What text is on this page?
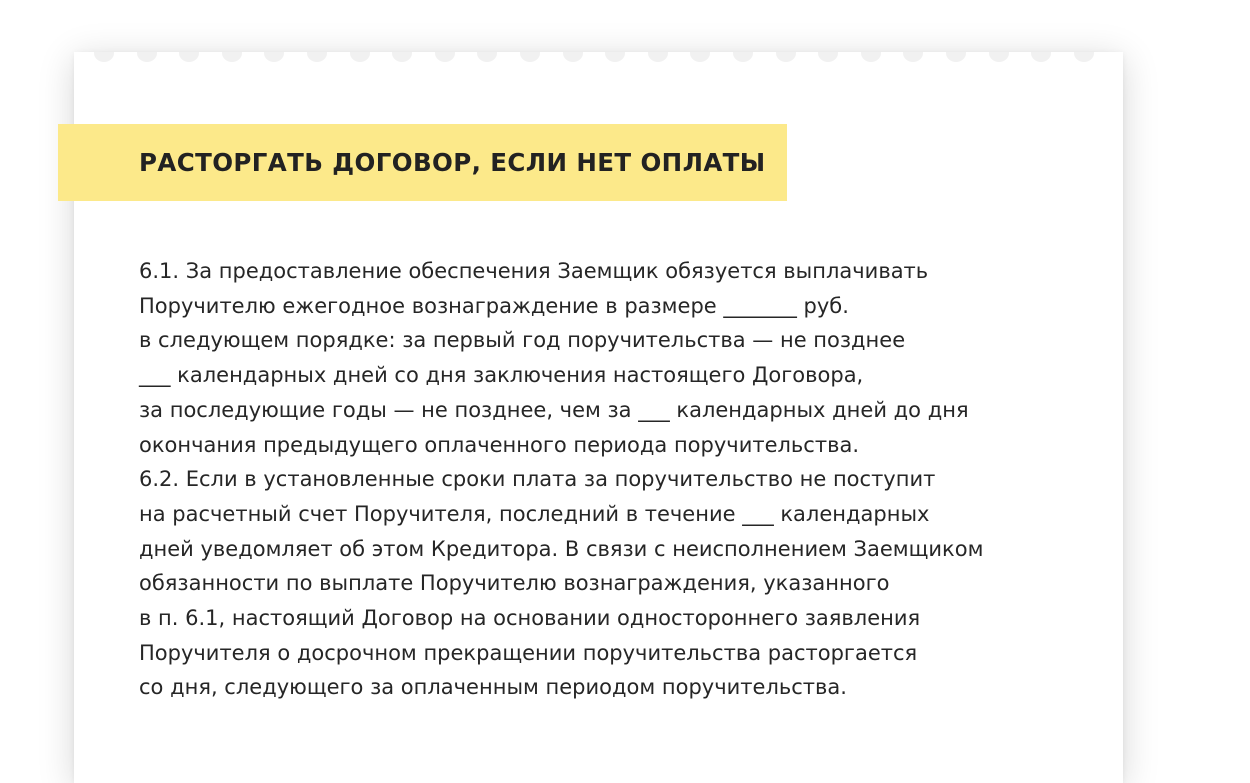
РАСТОРГАТЬ ДОГОВОР, ЕСЛИ НЕТ ОПЛАТЫ
6.1. За предоставление обеспечения Заемщик обязуется выплачивать
Поручителю ежегодное вознаграждение в размере _______ руб.
в следующем порядке: за первый год поручительства — не позднее
___ календарных дней со дня заключения настоящего Договора,
за последующие годы — не позднее, чем за ___ календарных дней до дня
окончания предыдущего оплаченного периода поручительства.
6.2. Если в установленные сроки плата за поручительство не поступит
на расчетный счет Поручителя, последний в течение ___ календарных
дней уведомляет об этом Кредитора. В связи с неисполнением Заемщиком
обязанности по выплате Поручителю вознаграждения, указанного
в п. 6.1, настоящий Договор на основании одностороннего заявления
Поручителя о досрочном прекращении поручительства расторгается
со дня, следующего за оплаченным периодом поручительства.
